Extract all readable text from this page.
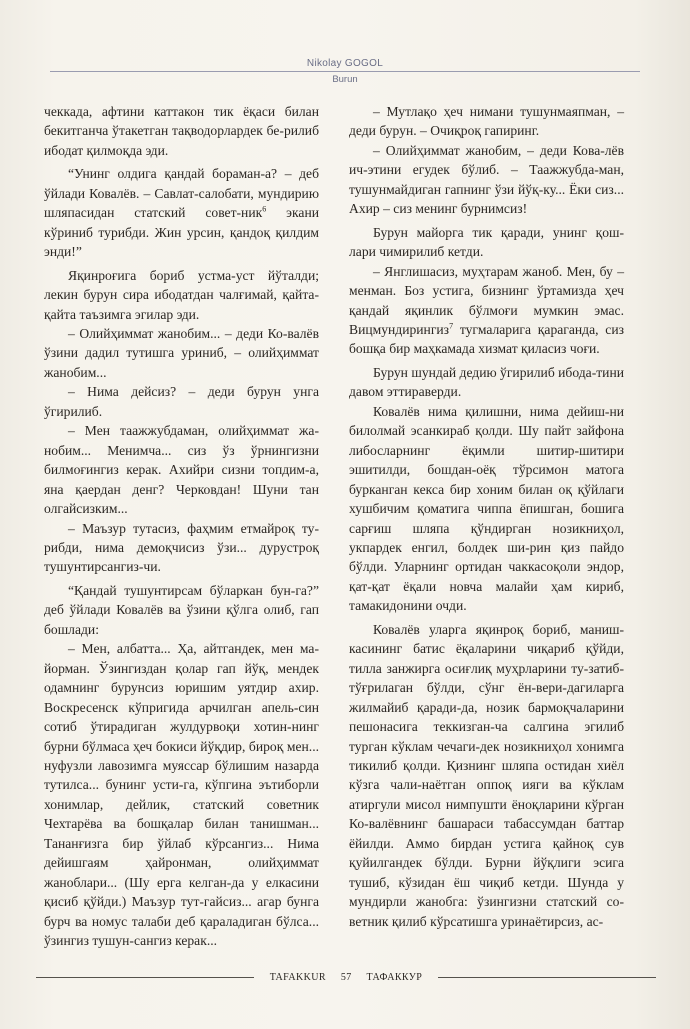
Nikolay GOGOL
Burun

чеккада, афтини каттакон тик ёқаси билан бекитганча ўтакетган тақводорлардек бе-рилиб ибодат қилмоқда эди.

“Унинг олдига қандай бораман-а? – деб ўйлади Ковалёв. – Савлат-салобати, мундирию шляпасидан статский совет-ник$^6$ экани кўриниб турибди. Жин урсин, қандоқ қилдим энди!”

Яқинроғига бориб устма-уст йўталди; лекин бурун сира ибодатдан чалғимай, қайта-қайта таъзимга эгилар эди.

– Олийҳиммат жанобим... – деди Ко-валёв ўзини дадил тутишга уриниб, – олийҳиммат жанобим...

– Нима дейсиз? – деди бурун унга ўгирилиб.

– Мен таажжубдаман, олийҳиммат жа-нобим... Менимча... сиз ўз ўрнингизни билмоғингиз керак. Ахийри сизни топдим-а, яна қаердан денг? Черковдан! Шуни тан олгайсизким...

– Маъзур тутасиз, фаҳмим етмайроқ ту-рибди, нима демоқчисиз ўзи... дурустроқ тушунтирсангиз-чи.

“Қандай тушунтирсам бўларкан бун-га?” деб ўйлади Ковалёв ва ўзини қўлга олиб, гап бошлади:

– Мен, албатта... Ҳа, айтгандек, мен ма-йорман. Ўзингиздан қолар гап йўқ, мендек одамнинг бурунсиз юришим уятдир ахир. Воскресенск кўпригида арчилган апель-син сотиб ўтирадиган жулдурвоқи хотин-нинг бурни бўлмаса ҳеч бокиси йўқдир, бироқ мен... нуфузли лавозимга муяссар бўлишим назарда тутилса... бунинг усти-га, кўпгина эътиборли хонимлар, дейлик, статский советник Чехтарёва ва бошқалар билан танишман... Тананғизга бир ўйлаб кўрсангиз... Нима дейишгаям ҳайронман, олийҳиммат жаноблари... (Шу ерга келган-да у елкасини қисиб қўйди.) Маъзур тут-гайсиз... агар бунга бурч ва номус талаби деб қараладиган бўлса... ўзингиз тушун-сангиз керак...

– Мутлақо ҳеч нимани тушунмаяпман, – деди бурун. – Очиқроқ гапиринг.

– Олийҳиммат жанобим, – деди Кова-лёв ич-этини егудек бўлиб. – Таажжубда-ман, тушунмайдиган гапнинг ўзи йўқ-ку... Ёки сиз... Ахир – сиз менинг бурнимсиз!

Бурун майорга тик қаради, унинг қош-лари чимирилиб кетди.

– Янглишасиз, муҳтарам жаноб. Мен, бу – менман. Боз устига, бизнинг ўртамизда ҳеч қандай яқинлик бўлмоғи мумкин эмас. Вицмундирингиз$^7$ тугмаларига қараганда, сиз бошқа бир маҳкамада хизмат қиласиз чоғи.

Бурун шундай дедию ўгирилиб ибода-тини давом эттираверди.

Ковалёв нима қилишни, нима дейиш-ни билолмай эсанкираб қолди. Шу пайт зайфона либосларнинг ёқимли шитир-шитири эшитилди, бошдан-оёқ тўрсимон матога бурканган кекса бир хоним билан оқ қўйлаги хушбичим қоматига чиппа ёпишган, бошига сарғиш шляпа қўндирган нозикниҳол, укпардек енгил, болдек ши-рин қиз пайдо бўлди. Уларнинг ортидан чаккасоқоли эндор, қат-қат ёқали новча малайи ҳам кириб, тамакидонини очди.

Ковалёв уларга яқинроқ бориб, маниш-касининг батис ёқаларини чиқариб қўйди, тилла занжирга осиғлиқ муҳрларини ту-затиб-тўғрилаган бўлди, сўнг ён-вери-дагиларга жилмайиб қаради-да, нозик бармоқчаларини пешонасига теккизган-ча салгина эгилиб турган кўклам чечаги-дек нозикниҳол хонимга тикилиб қолди. Қизнинг шляпа остидан хиёл кўзга чали-наётган оппоқ ияги ва кўклам атиргули мисол нимпушти ёноқларини кўрган Ко-валёвнинг башараси табассумдан баттар ёйилди. Аммо бирдан устига қайноқ сув қуйилгандек бўлди. Бурни йўқлиги эсига тушиб, кўзидан ёш чиқиб кетди. Шунда у мундирли жанобга: ўзингизни статский со-ветник қилиб кўрсатишга уринаётирсиз, ас-

TAFAKKUR 57 ТАФАККУР
